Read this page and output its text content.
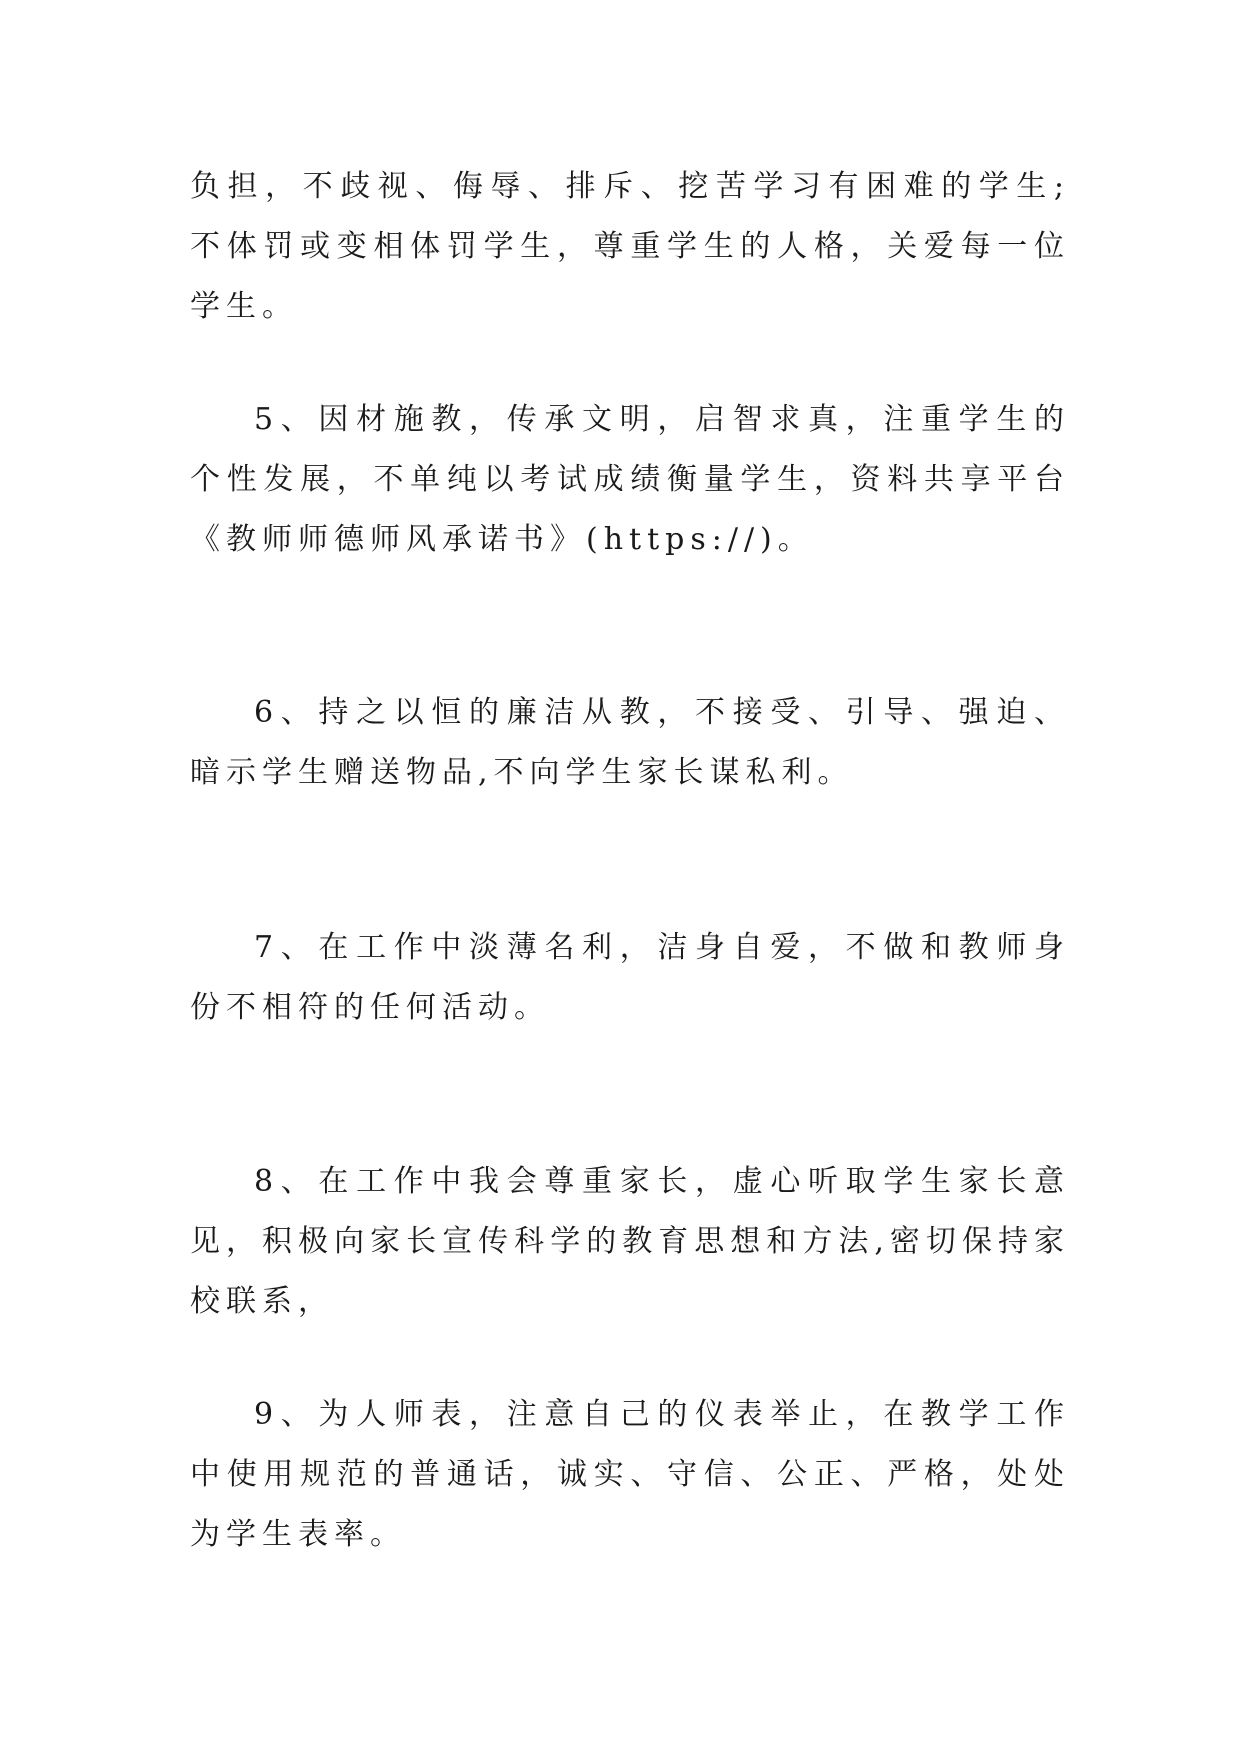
负担，不歧视、侮辱、排斥、挖苦学习有困难的学生;不体罚或变相体罚学生，尊重学生的人格，关爱每一位学生。

5、因材施教，传承文明，启智求真，注重学生的个性发展，不单纯以考试成绩衡量学生，资料共享平台《教师师德师风承诺书》(https://)。

6、持之以恒的廉洁从教，不接受、引导、强迫、暗示学生赠送物品,不向学生家长谋私利。

7、在工作中淡薄名利，洁身自爱，不做和教师身份不相符的任何活动。

8、在工作中我会尊重家长，虚心听取学生家长意见，积极向家长宣传科学的教育思想和方法,密切保持家校联系，

9、为人师表，注意自己的仪表举止，在教学工作中使用规范的普通话，诚实、守信、公正、严格，处处为学生表率。
